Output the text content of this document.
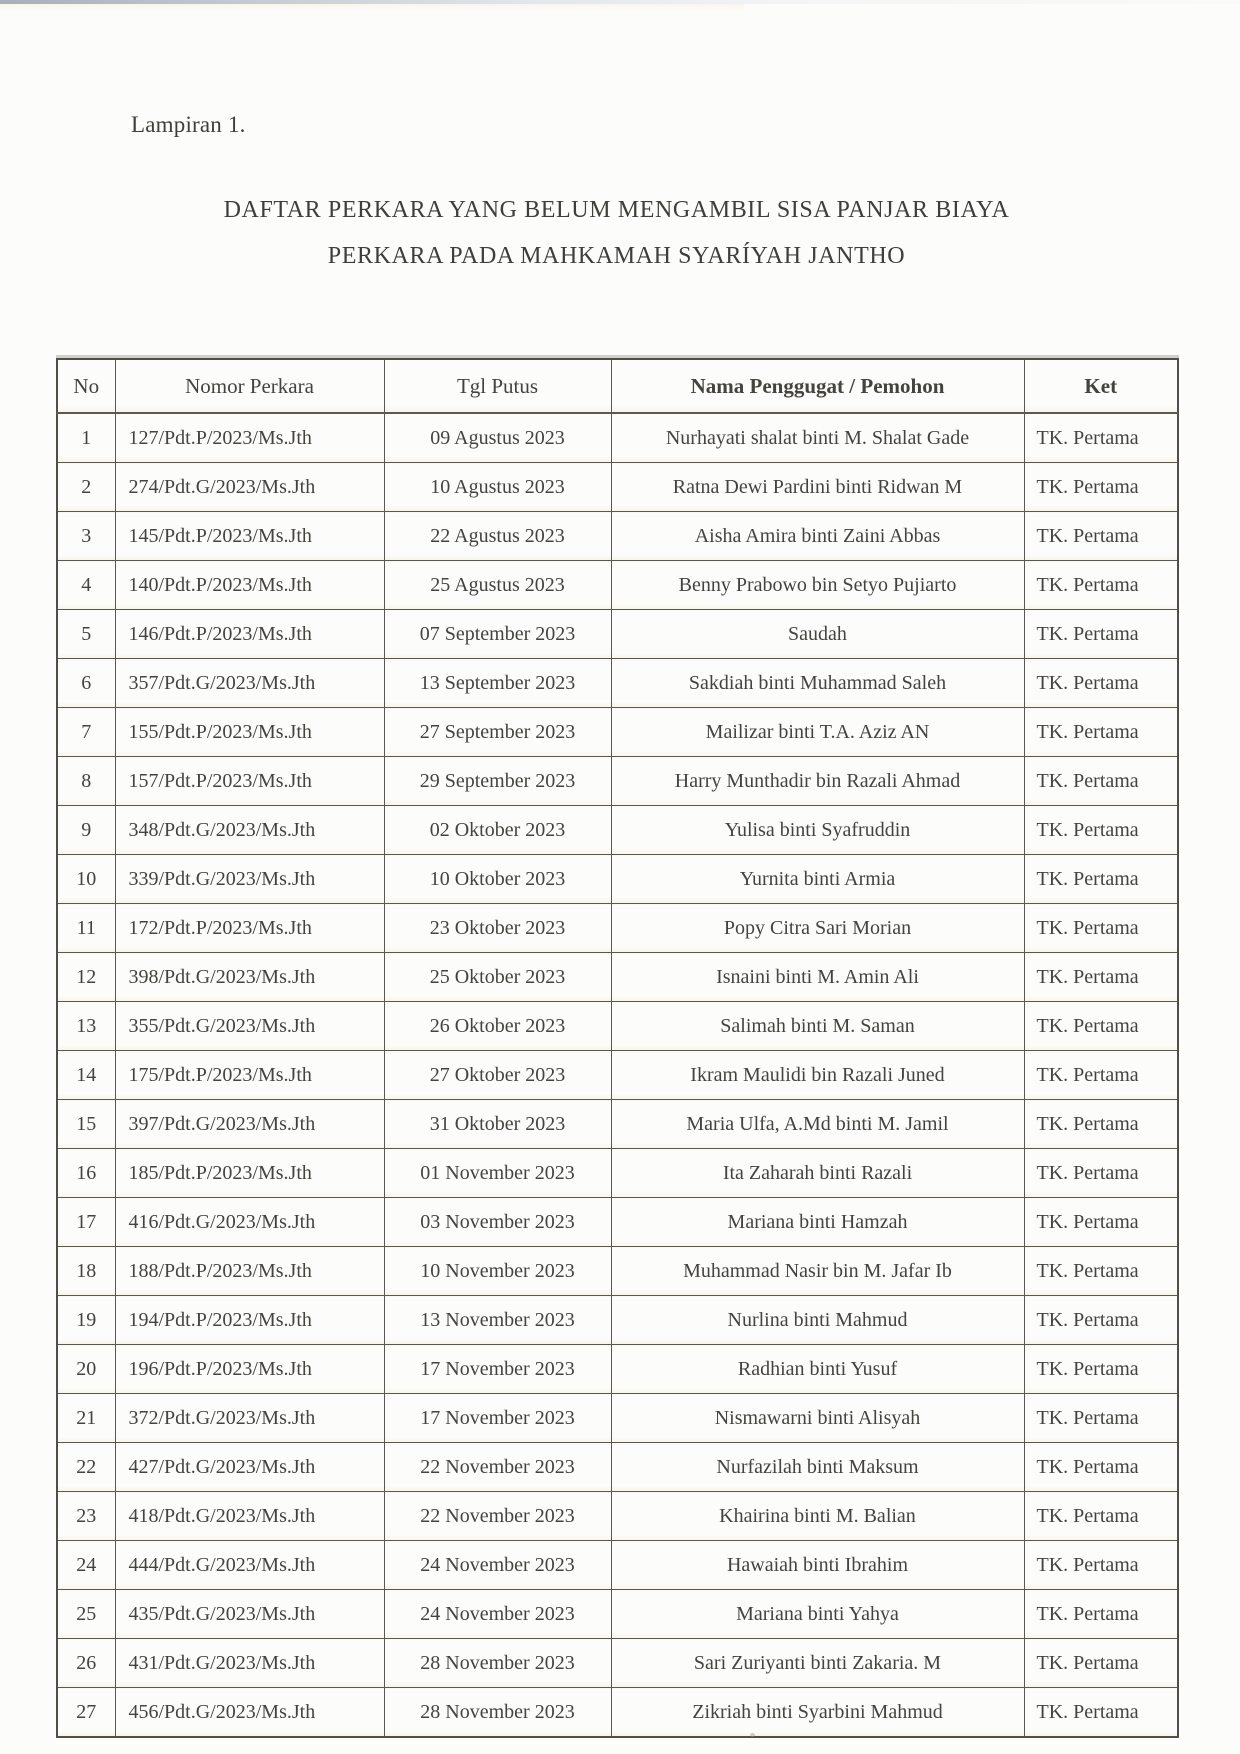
Lampiran 1.
DAFTAR PERKARA YANG BELUM MENGAMBIL SISA PANJAR BIAYA
PERKARA PADA MAHKAMAH SYARÍYAH JANTHO
No	Nomor Perkara	Tgl Putus	Nama Penggugat / Pemohon	Ket
1	127/Pdt.P/2023/Ms.Jth	09 Agustus 2023	Nurhayati shalat binti M. Shalat Gade	TK. Pertama
2	274/Pdt.G/2023/Ms.Jth	10 Agustus 2023	Ratna Dewi Pardini binti Ridwan M	TK. Pertama
3	145/Pdt.P/2023/Ms.Jth	22 Agustus 2023	Aisha Amira binti Zaini Abbas	TK. Pertama
4	140/Pdt.P/2023/Ms.Jth	25 Agustus 2023	Benny Prabowo bin Setyo Pujiarto	TK. Pertama
5	146/Pdt.P/2023/Ms.Jth	07 September 2023	Saudah	TK. Pertama
6	357/Pdt.G/2023/Ms.Jth	13 September 2023	Sakdiah binti Muhammad Saleh	TK. Pertama
7	155/Pdt.P/2023/Ms.Jth	27 September 2023	Mailizar binti T.A. Aziz AN	TK. Pertama
8	157/Pdt.P/2023/Ms.Jth	29 September 2023	Harry Munthadir bin Razali Ahmad	TK. Pertama
9	348/Pdt.G/2023/Ms.Jth	02 Oktober 2023	Yulisa binti Syafruddin	TK. Pertama
10	339/Pdt.G/2023/Ms.Jth	10 Oktober 2023	Yurnita binti Armia	TK. Pertama
11	172/Pdt.P/2023/Ms.Jth	23 Oktober 2023	Popy Citra Sari Morian	TK. Pertama
12	398/Pdt.G/2023/Ms.Jth	25 Oktober 2023	Isnaini binti M. Amin Ali	TK. Pertama
13	355/Pdt.G/2023/Ms.Jth	26 Oktober 2023	Salimah binti M. Saman	TK. Pertama
14	175/Pdt.P/2023/Ms.Jth	27 Oktober 2023	Ikram Maulidi bin Razali Juned	TK. Pertama
15	397/Pdt.G/2023/Ms.Jth	31 Oktober 2023	Maria Ulfa, A.Md binti M. Jamil	TK. Pertama
16	185/Pdt.P/2023/Ms.Jth	01 November 2023	Ita Zaharah binti Razali	TK. Pertama
17	416/Pdt.G/2023/Ms.Jth	03 November 2023	Mariana binti Hamzah	TK. Pertama
18	188/Pdt.P/2023/Ms.Jth	10 November 2023	Muhammad Nasir bin M. Jafar Ib	TK. Pertama
19	194/Pdt.P/2023/Ms.Jth	13 November 2023	Nurlina binti Mahmud	TK. Pertama
20	196/Pdt.P/2023/Ms.Jth	17 November 2023	Radhian binti Yusuf	TK. Pertama
21	372/Pdt.G/2023/Ms.Jth	17 November 2023	Nismawarni binti Alisyah	TK. Pertama
22	427/Pdt.G/2023/Ms.Jth	22 November 2023	Nurfazilah binti Maksum	TK. Pertama
23	418/Pdt.G/2023/Ms.Jth	22 November 2023	Khairina binti M. Balian	TK. Pertama
24	444/Pdt.G/2023/Ms.Jth	24 November 2023	Hawaiah binti Ibrahim	TK. Pertama
25	435/Pdt.G/2023/Ms.Jth	24 November 2023	Mariana binti Yahya	TK. Pertama
26	431/Pdt.G/2023/Ms.Jth	28 November 2023	Sari Zuriyanti binti Zakaria. M	TK. Pertama
27	456/Pdt.G/2023/Ms.Jth	28 November 2023	Zikriah binti Syarbini Mahmud	TK. Pertama
